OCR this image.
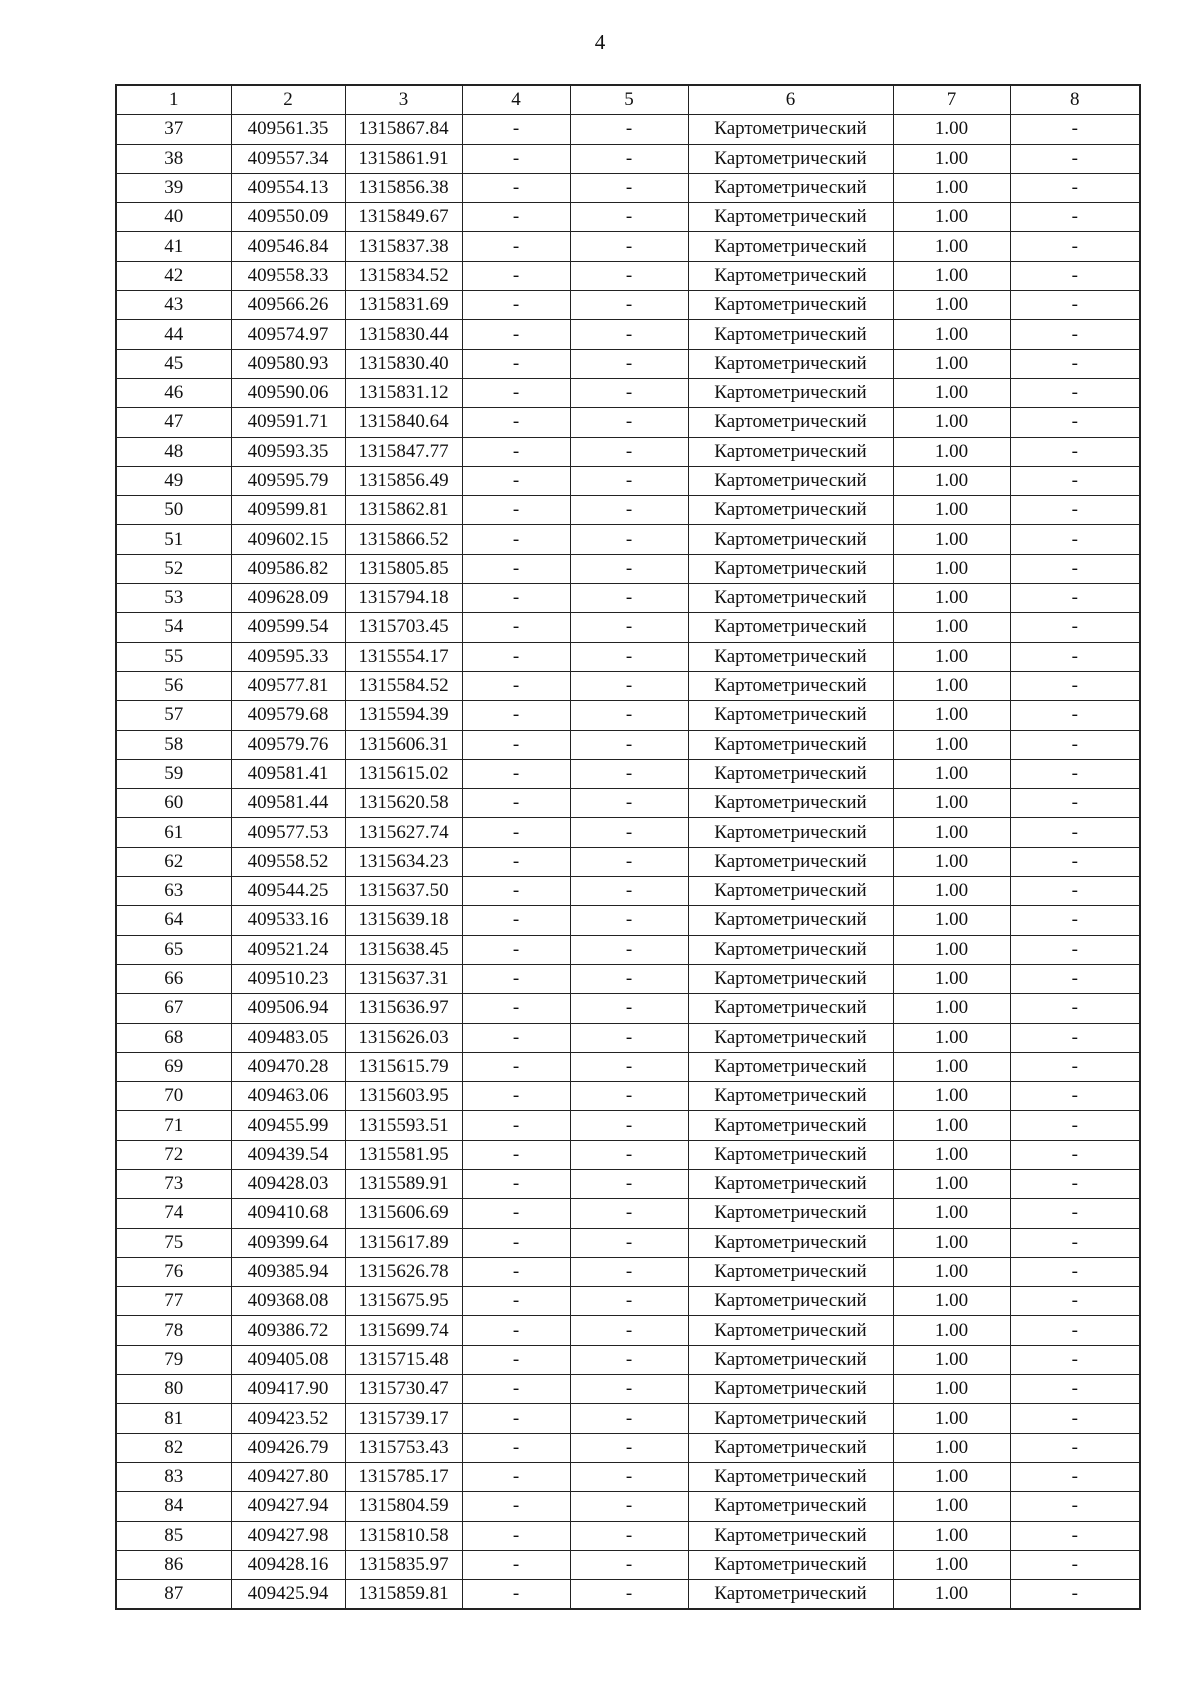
4
1	2	3	4	5	6	7	8
37	409561.35	1315867.84	-	-	Картометрический	1.00	-
38	409557.34	1315861.91	-	-	Картометрический	1.00	-
39	409554.13	1315856.38	-	-	Картометрический	1.00	-
40	409550.09	1315849.67	-	-	Картометрический	1.00	-
41	409546.84	1315837.38	-	-	Картометрический	1.00	-
42	409558.33	1315834.52	-	-	Картометрический	1.00	-
43	409566.26	1315831.69	-	-	Картометрический	1.00	-
44	409574.97	1315830.44	-	-	Картометрический	1.00	-
45	409580.93	1315830.40	-	-	Картометрический	1.00	-
46	409590.06	1315831.12	-	-	Картометрический	1.00	-
47	409591.71	1315840.64	-	-	Картометрический	1.00	-
48	409593.35	1315847.77	-	-	Картометрический	1.00	-
49	409595.79	1315856.49	-	-	Картометрический	1.00	-
50	409599.81	1315862.81	-	-	Картометрический	1.00	-
51	409602.15	1315866.52	-	-	Картометрический	1.00	-
52	409586.82	1315805.85	-	-	Картометрический	1.00	-
53	409628.09	1315794.18	-	-	Картометрический	1.00	-
54	409599.54	1315703.45	-	-	Картометрический	1.00	-
55	409595.33	1315554.17	-	-	Картометрический	1.00	-
56	409577.81	1315584.52	-	-	Картометрический	1.00	-
57	409579.68	1315594.39	-	-	Картометрический	1.00	-
58	409579.76	1315606.31	-	-	Картометрический	1.00	-
59	409581.41	1315615.02	-	-	Картометрический	1.00	-
60	409581.44	1315620.58	-	-	Картометрический	1.00	-
61	409577.53	1315627.74	-	-	Картометрический	1.00	-
62	409558.52	1315634.23	-	-	Картометрический	1.00	-
63	409544.25	1315637.50	-	-	Картометрический	1.00	-
64	409533.16	1315639.18	-	-	Картометрический	1.00	-
65	409521.24	1315638.45	-	-	Картометрический	1.00	-
66	409510.23	1315637.31	-	-	Картометрический	1.00	-
67	409506.94	1315636.97	-	-	Картометрический	1.00	-
68	409483.05	1315626.03	-	-	Картометрический	1.00	-
69	409470.28	1315615.79	-	-	Картометрический	1.00	-
70	409463.06	1315603.95	-	-	Картометрический	1.00	-
71	409455.99	1315593.51	-	-	Картометрический	1.00	-
72	409439.54	1315581.95	-	-	Картометрический	1.00	-
73	409428.03	1315589.91	-	-	Картометрический	1.00	-
74	409410.68	1315606.69	-	-	Картометрический	1.00	-
75	409399.64	1315617.89	-	-	Картометрический	1.00	-
76	409385.94	1315626.78	-	-	Картометрический	1.00	-
77	409368.08	1315675.95	-	-	Картометрический	1.00	-
78	409386.72	1315699.74	-	-	Картометрический	1.00	-
79	409405.08	1315715.48	-	-	Картометрический	1.00	-
80	409417.90	1315730.47	-	-	Картометрический	1.00	-
81	409423.52	1315739.17	-	-	Картометрический	1.00	-
82	409426.79	1315753.43	-	-	Картометрический	1.00	-
83	409427.80	1315785.17	-	-	Картометрический	1.00	-
84	409427.94	1315804.59	-	-	Картометрический	1.00	-
85	409427.98	1315810.58	-	-	Картометрический	1.00	-
86	409428.16	1315835.97	-	-	Картометрический	1.00	-
87	409425.94	1315859.81	-	-	Картометрический	1.00	-
